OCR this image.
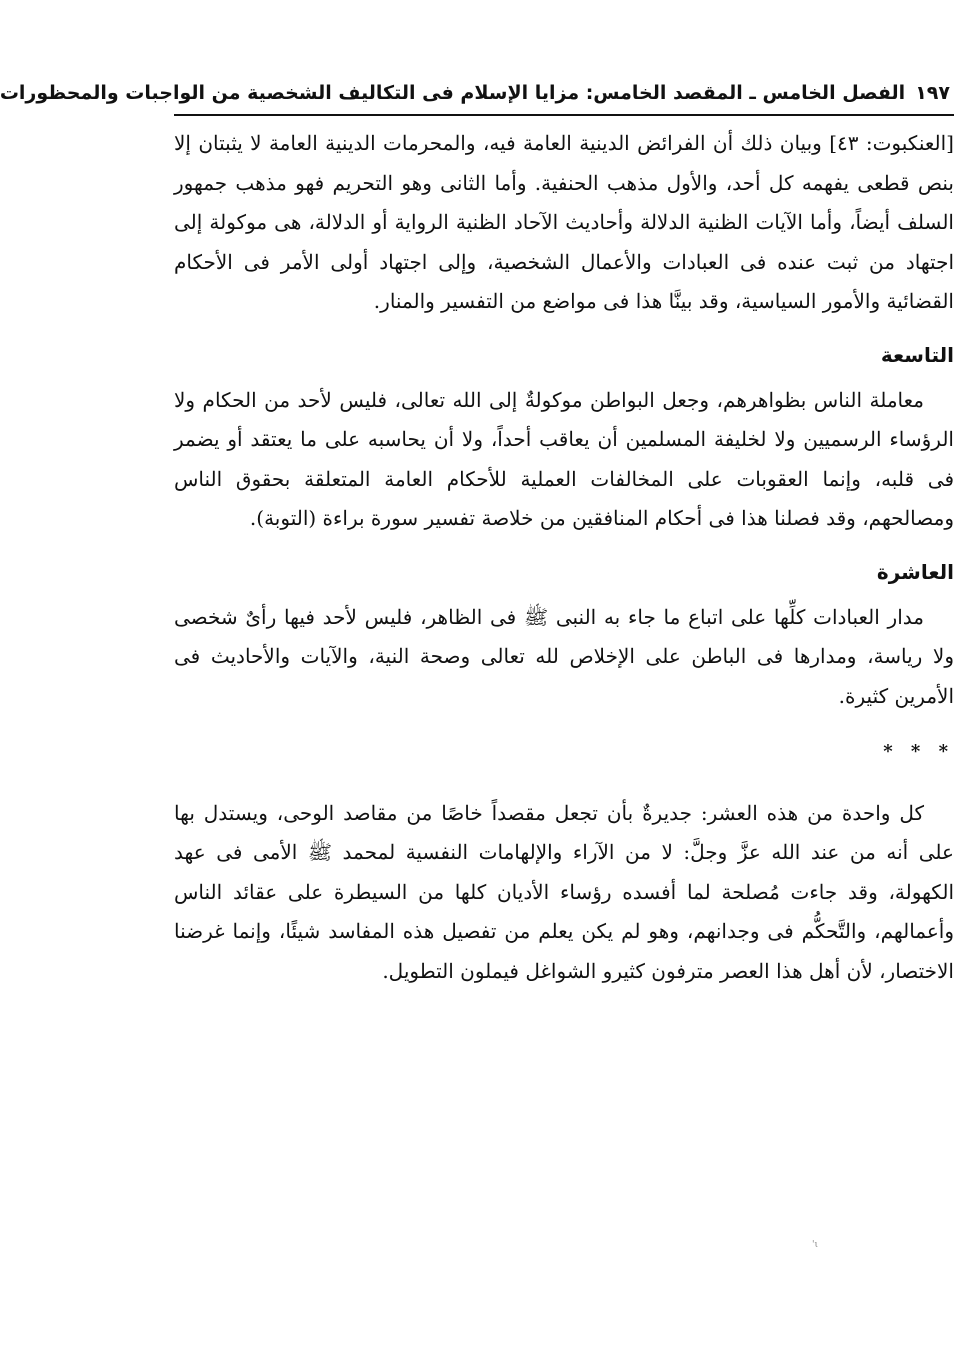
١٩٧
الفصل الخامس ـ المقصد الخامس: مزايا الإسلام فى التكاليف الشخصية من الواجبات والمحظورات

[العنكبوت: ٤٣] وبيان ذلك أن الفرائض الدينية العامة فيه، والمحرمات الدينية العامة لا يثبتان إلا بنص قطعى يفهمه كل أحد، والأول مذهب الحنفية. وأما الثانى وهو التحريم فهو مذهب جمهور السلف أيضاً، وأما الآيات الظنية الدلالة وأحاديث الآحاد الظنية الرواية أو الدلالة، هى موكولة إلى اجتهاد من ثبت عنده فى العبادات والأعمال الشخصية، وإلى اجتهاد أولى الأمر فى الأحكام القضائية والأمور السياسية، وقد بينَّا هذا فى مواضع من التفسير والمنار.

التاسعة

معاملة الناس بظواهرهم، وجعل البواطن موكولةٌ إلى الله تعالى، فليس لأحد من الحكام ولا الرؤساء الرسميين ولا لخليفة المسلمين أن يعاقب أحداً، ولا أن يحاسبه على ما يعتقد أو يضمر فى قلبه، وإنما العقوبات على المخالفات العملية للأحكام العامة المتعلقة بحقوق الناس ومصالحهم، وقد فصلنا هذا فى أحكام المنافقين من خلاصة تفسير سورة براءة (التوبة).

العاشرة

مدار العبادات كلِّها على اتباع ما جاء به النبى ﷺ فى الظاهر، فليس لأحد فيها رأىٌ شخصى ولا رياسة، ومدارها فى الباطن على الإخلاص لله تعالى وصحة النية، والآيات والأحاديث فى الأمرين كثيرة.

* * *

كل واحدة من هذه العشر: جديرةٌ بأن تجعل مقصداً خاصًا من مقاصد الوحى، ويستدل بها على أنه من عند الله عزَّ وجلَّ: لا من الآراء والإلهامات النفسية لمحمد ﷺ الأمى فى عهد الكهولة، وقد جاءت مُصلحة لما أفسده رؤساء الأديان كلها من السيطرة على عقائد الناس وأعمالهم، والتَّحكُّم فى وجدانهم، وهو لم يكن يعلم من تفصيل هذه المفاسد شيئًا، وإنما غرضنا الاختصار، لأن أهل هذا العصر مترفون كثيرو الشواغل فيملون التطويل.

ι'
